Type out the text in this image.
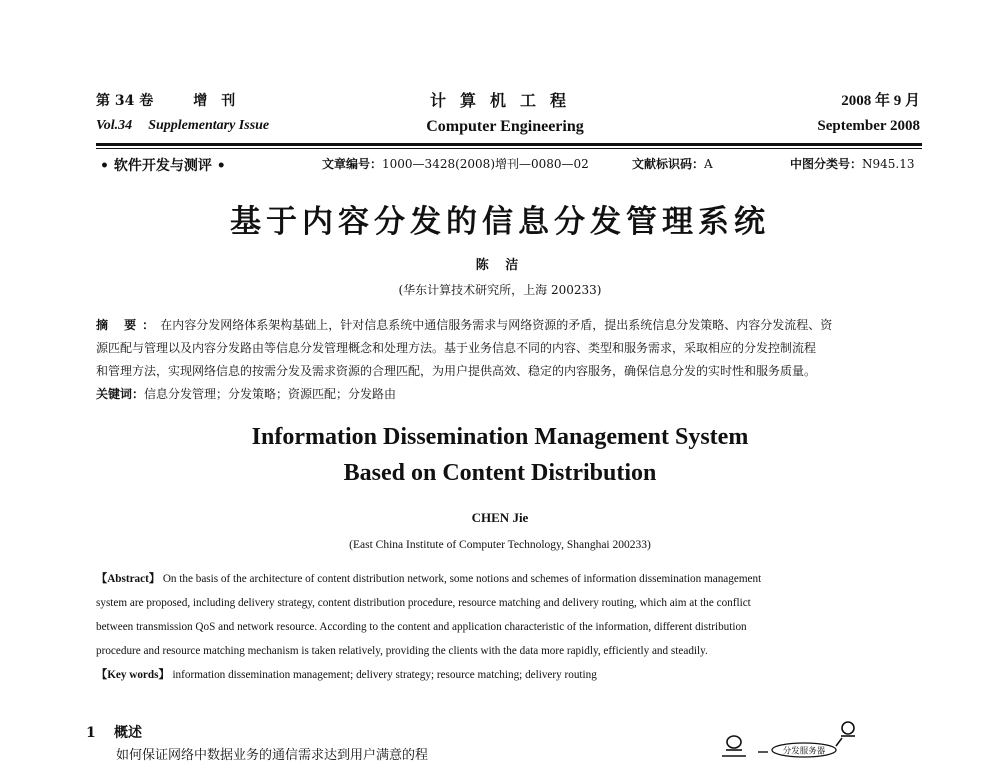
第 34 卷	增　刊
Vol.34 Supplementary Issue
计算机工程
Computer Engineering
2008 年 9 月
September 2008
• 软件开发与测评 •	文章编号：1000—3428(2008)增刊—0080—02	文献标识码：A	中图分类号：N945.13
基于内容分发的信息分发管理系统
陈 洁
(华东计算技术研究所，上海 200233)
摘 要：在内容分发网络体系架构基础上，针对信息系统中通信服务需求与网络资源的矛盾，提出系统信息分发策略、内容分发流程、资
源匹配与管理以及内容分发路由等信息分发管理概念和处理方法。基于业务信息不同的内容、类型和服务需求，采取相应的分发控制流程
和管理方法，实现网络信息的按需分发及需求资源的合理匹配，为用户提供高效、稳定的内容服务，确保信息分发的实时性和服务质量。
关键词：信息分发管理；分发策略；资源匹配；分发路由
Information Dissemination Management System
Based on Content Distribution
CHEN Jie
(East China Institute of Computer Technology, Shanghai 200233)
【Abstract】 On the basis of the architecture of content distribution network, some notions and schemes of information dissemination management
system are proposed, including delivery strategy, content distribution procedure, resource matching and delivery routing, which aim at the conflict
between transmission QoS and network resource. According to the content and application characteristic of the information, different distribution
procedure and resource matching mechanism is taken relatively, providing the clients with the data more rapidly, efficiently and steadily.
【Key words】 information dissemination management; delivery strategy; resource matching; delivery routing
1 概述
如何保证网络中数据业务的通信需求达到用户满意的程	分发服务器
